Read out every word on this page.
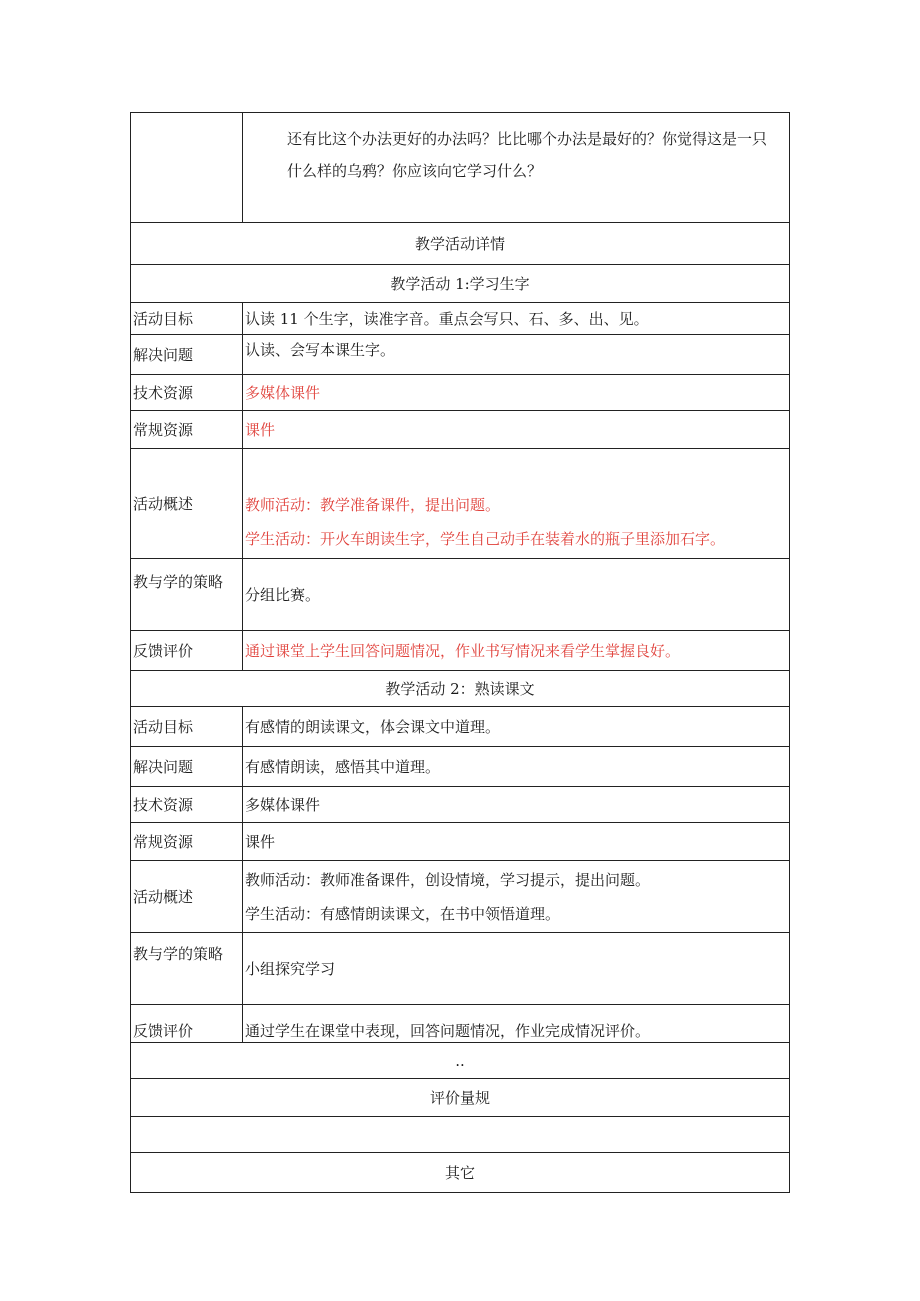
	还有比这个办法更好的办法吗？比比哪个办法是最好的？你觉得这是一只什么样的乌鸦？你应该向它学习什么？

教学活动详情	
教学活动 1:学习生字	
活动目标	认读 11 个生字，读准字音。重点会写只、石、多、出、见。
解决问题	认读、会写本课生字。
技术资源	多媒体课件
常规资源	课件
活动概述	教师活动：教学准备课件，提出问题。
学生活动：开火车朗读生字，学生自己动手在装着水的瓶子里添加石字。

教与学的策略	分组比赛。
反馈评价	通过课堂上学生回答问题情况，作业书写情况来看学生掌握良好。
教学活动 2：熟读课文	
活动目标	有感情的朗读课文，体会课文中道理。
解决问题	有感情朗读，感悟其中道理。
技术资源	多媒体课件
常规资源	课件
活动概述	教师活动：教师准备课件，创设情境，学习提示，提出问题。
学生活动：有感情朗读课文，在书中领悟道理。

教与学的策略	小组探究学习
反馈评价	通过学生在课堂中表现，回答问题情况，作业完成情况评价。
..	
评价量规	

其它	
